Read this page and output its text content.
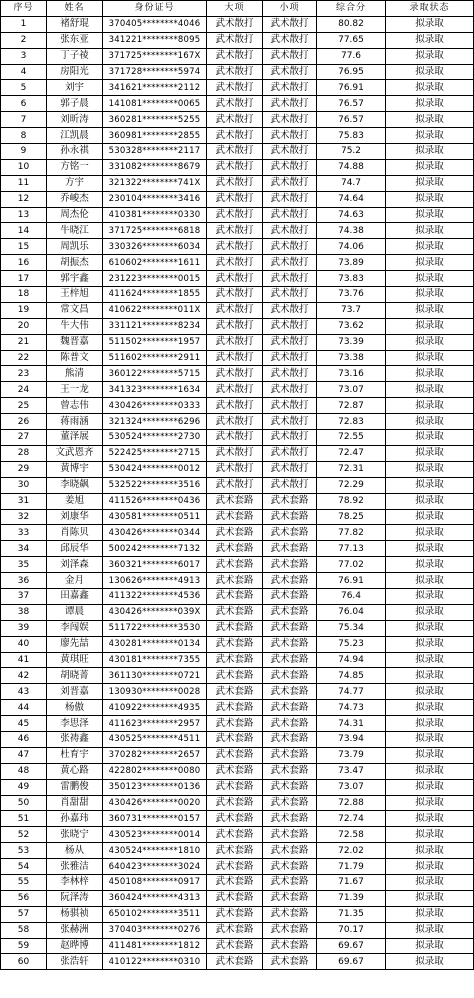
序号	姓名	身份证号	大项	小项	综合分	录取状态
1	褚舒琨	370405********4046	武术散打	武术散打	80.82	拟录取
2	张东亚	341221********8095	武术散打	武术散打	77.65	拟录取
3	丁子祾	371725********167X	武术散打	武术散打	77.6	拟录取
4	房阳光	371728********5974	武术散打	武术散打	76.95	拟录取
5	刘宇	341621********2112	武术散打	武术散打	76.91	拟录取
6	郭子晨	141081********0065	武术散打	武术散打	76.57	拟录取
7	刘昕涛	360281********5255	武术散打	武术散打	76.57	拟录取
8	江凯晨	360981********2855	武术散打	武术散打	75.83	拟录取
9	孙永祺	530328********2117	武术散打	武术散打	75.2	拟录取
10	方铭一	331082********8679	武术散打	武术散打	74.88	拟录取
11	方宇	321322********741X	武术散打	武术散打	74.7	拟录取
12	乔峻杰	230104********3416	武术散打	武术散打	74.64	拟录取
13	周杰伦	410381********0330	武术散打	武术散打	74.63	拟录取
14	牛晓江	371725********6818	武术散打	武术散打	74.38	拟录取
15	周凯乐	330326********6034	武术散打	武术散打	74.06	拟录取
16	胡振杰	610602********1611	武术散打	武术散打	73.89	拟录取
17	郭宇鑫	231223********0015	武术散打	武术散打	73.83	拟录取
18	王梓旭	411624********1855	武术散打	武术散打	73.76	拟录取
19	常文昌	410622********011X	武术散打	武术散打	73.7	拟录取
20	牛大伟	331121********8234	武术散打	武术散打	73.62	拟录取
21	魏晋嘉	511502********1957	武术散打	武术散打	73.39	拟录取
22	陈普文	511602********2911	武术散打	武术散打	73.38	拟录取
23	熊清	360122********5715	武术散打	武术散打	73.16	拟录取
24	王一龙	341323********1634	武术散打	武术散打	73.07	拟录取
25	曾志伟	430426********0333	武术散打	武术散打	72.87	拟录取
26	蒋雨涵	321324********6296	武术散打	武术散打	72.83	拟录取
27	董泽展	530524********2730	武术散打	武术散打	72.55	拟录取
28	文武恩齐	522425********2715	武术散打	武术散打	72.47	拟录取
29	黄博宇	530424********0012	武术散打	武术散打	72.31	拟录取
30	李晓飙	532522********3516	武术散打	武术散打	72.29	拟录取
31	姜旭	411526********0436	武术套路	武术套路	78.92	拟录取
32	刘康华	430581********0511	武术套路	武术套路	78.25	拟录取
33	肖陈贝	430426********0344	武术套路	武术套路	77.82	拟录取
34	邱辰华	500242********7132	武术套路	武术套路	77.13	拟录取
35	刘泽森	360321********6017	武术套路	武术套路	77.02	拟录取
36	金月	130626********4913	武术套路	武术套路	76.91	拟录取
37	田嘉鑫	411322********4536	武术套路	武术套路	76.4	拟录取
38	谭晨	430426********039X	武术套路	武术套路	76.04	拟录取
39	李闯娱	511722********3530	武术套路	武术套路	75.34	拟录取
40	廖先喆	430281********0134	武术套路	武术套路	75.23	拟录取
41	黄琪旺	430181********7355	武术套路	武术套路	74.94	拟录取
42	胡晓菁	361130********0721	武术套路	武术套路	74.85	拟录取
43	刘晋嘉	130930********0028	武术套路	武术套路	74.77	拟录取
44	杨傲	410922********4935	武术套路	武术套路	74.73	拟录取
45	李思泽	411623********2957	武术套路	武术套路	74.31	拟录取
46	张祷鑫	430525********4511	武术套路	武术套路	73.94	拟录取
47	杜育宇	370282********2657	武术套路	武术套路	73.79	拟录取
48	黄心路	422802********0080	武术套路	武术套路	73.47	拟录取
49	雷鹏俊	350123********0136	武术套路	武术套路	73.07	拟录取
50	肖甜甜	430426********0020	武术套路	武术套路	72.88	拟录取
51	孙嘉玮	360731********0157	武术套路	武术套路	72.74	拟录取
52	张晓宁	430523********0014	武术套路	武术套路	72.58	拟录取
53	杨从	430524********1810	武术套路	武术套路	72.02	拟录取
54	张雅洁	640423********3024	武术套路	武术套路	71.79	拟录取
55	李林梓	450108********0917	武术套路	武术套路	71.67	拟录取
56	阮泽涛	360424********4313	武术套路	武术套路	71.39	拟录取
57	杨骐祯	650102********3511	武术套路	武术套路	71.35	拟录取
58	张赫洲	370403********0276	武术套路	武术套路	70.17	拟录取
59	赵晔博	411481********1812	武术套路	武术套路	69.67	拟录取
60	张浩轩	410122********0310	武术套路	武术套路	69.67	拟录取
